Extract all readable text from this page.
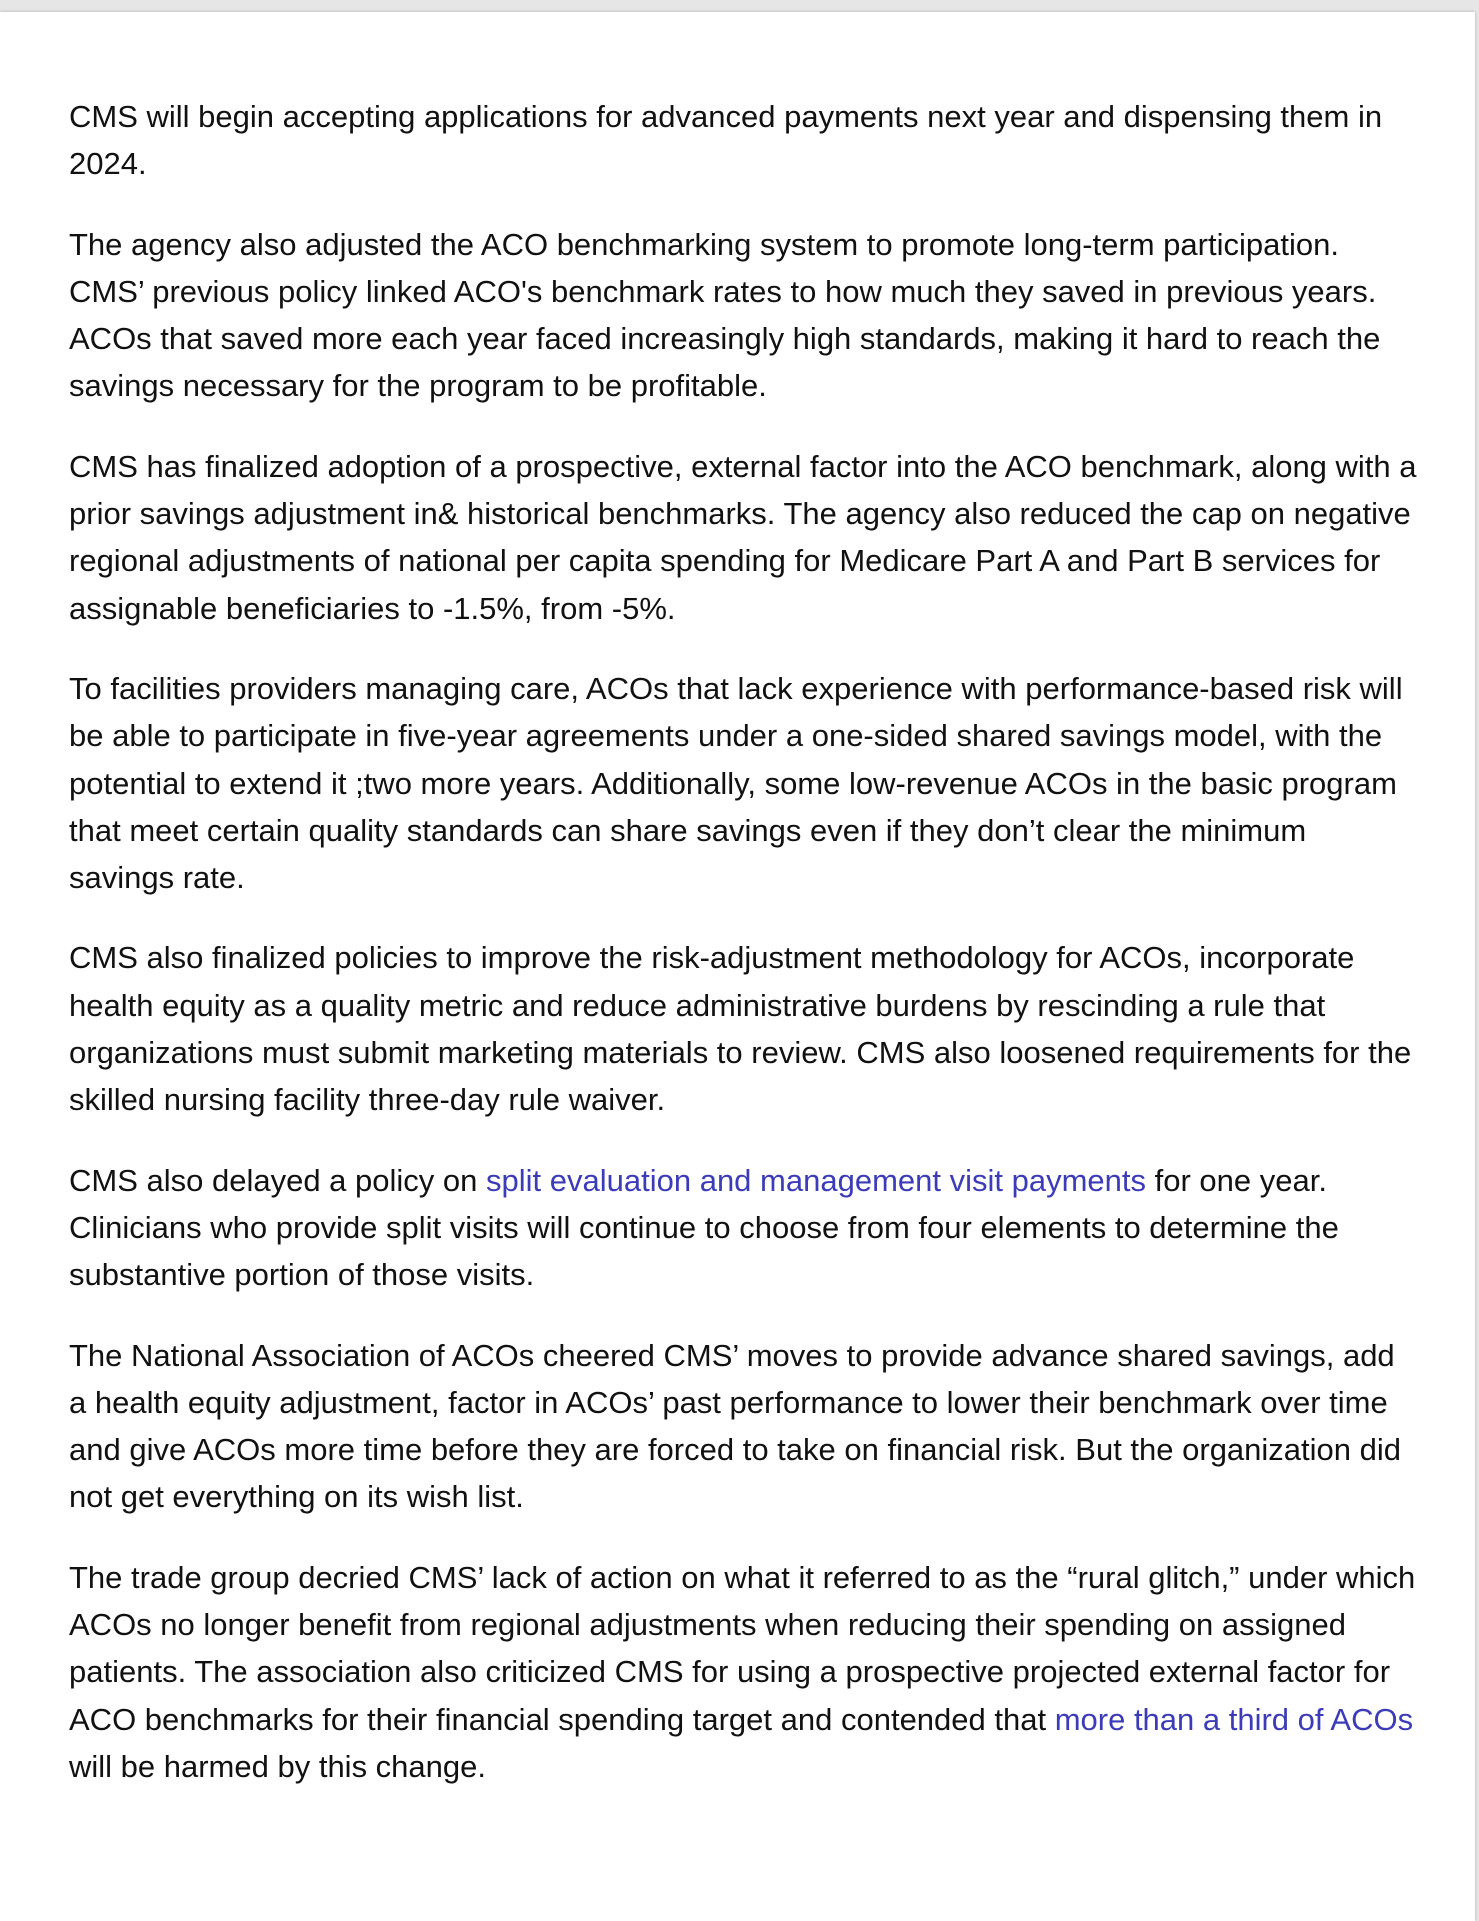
CMS will begin accepting applications for advanced payments next year and dispensing them in 2024.

The agency also adjusted the ACO benchmarking system to promote long-term participation. CMS’ previous policy linked ACO's benchmark rates to how much they saved in previous years. ACOs that saved more each year faced increasingly high standards, making it hard to reach the savings necessary for the program to be profitable.

CMS has finalized adoption of a prospective, external factor into the ACO benchmark, along with a prior savings adjustment in& historical benchmarks. The agency also reduced the cap on negative regional adjustments of national per capita spending for Medicare Part A and Part B services for assignable beneficiaries to -1.5%, from -5%.

To facilities providers managing care, ACOs that lack experience with performance-based risk will be able to participate in five-year agreements under a one-sided shared savings model, with the potential to extend it ;two more years. Additionally, some low-revenue ACOs in the basic program that meet certain quality standards can share savings even if they don’t clear the minimum savings rate.

CMS also finalized policies to improve the risk-adjustment methodology for ACOs, incorporate health equity as a quality metric and reduce administrative burdens by rescinding a rule that organizations must submit marketing materials to review. CMS also loosened requirements for the skilled nursing facility three-day rule waiver.

CMS also delayed a policy on split evaluation and management visit payments for one year. Clinicians who provide split visits will continue to choose from four elements to determine the substantive portion of those visits.

The National Association of ACOs cheered CMS’ moves to provide advance shared savings, add a health equity adjustment, factor in ACOs’ past performance to lower their benchmark over time and give ACOs more time before they are forced to take on financial risk. But the organization did not get everything on its wish list.

The trade group decried CMS’ lack of action on what it referred to as the “rural glitch,” under which ACOs no longer benefit from regional adjustments when reducing their spending on assigned patients. The association also criticized CMS for using a prospective projected external factor for ACO benchmarks for their financial spending target and contended that more than a third of ACOs will be harmed by this change.
